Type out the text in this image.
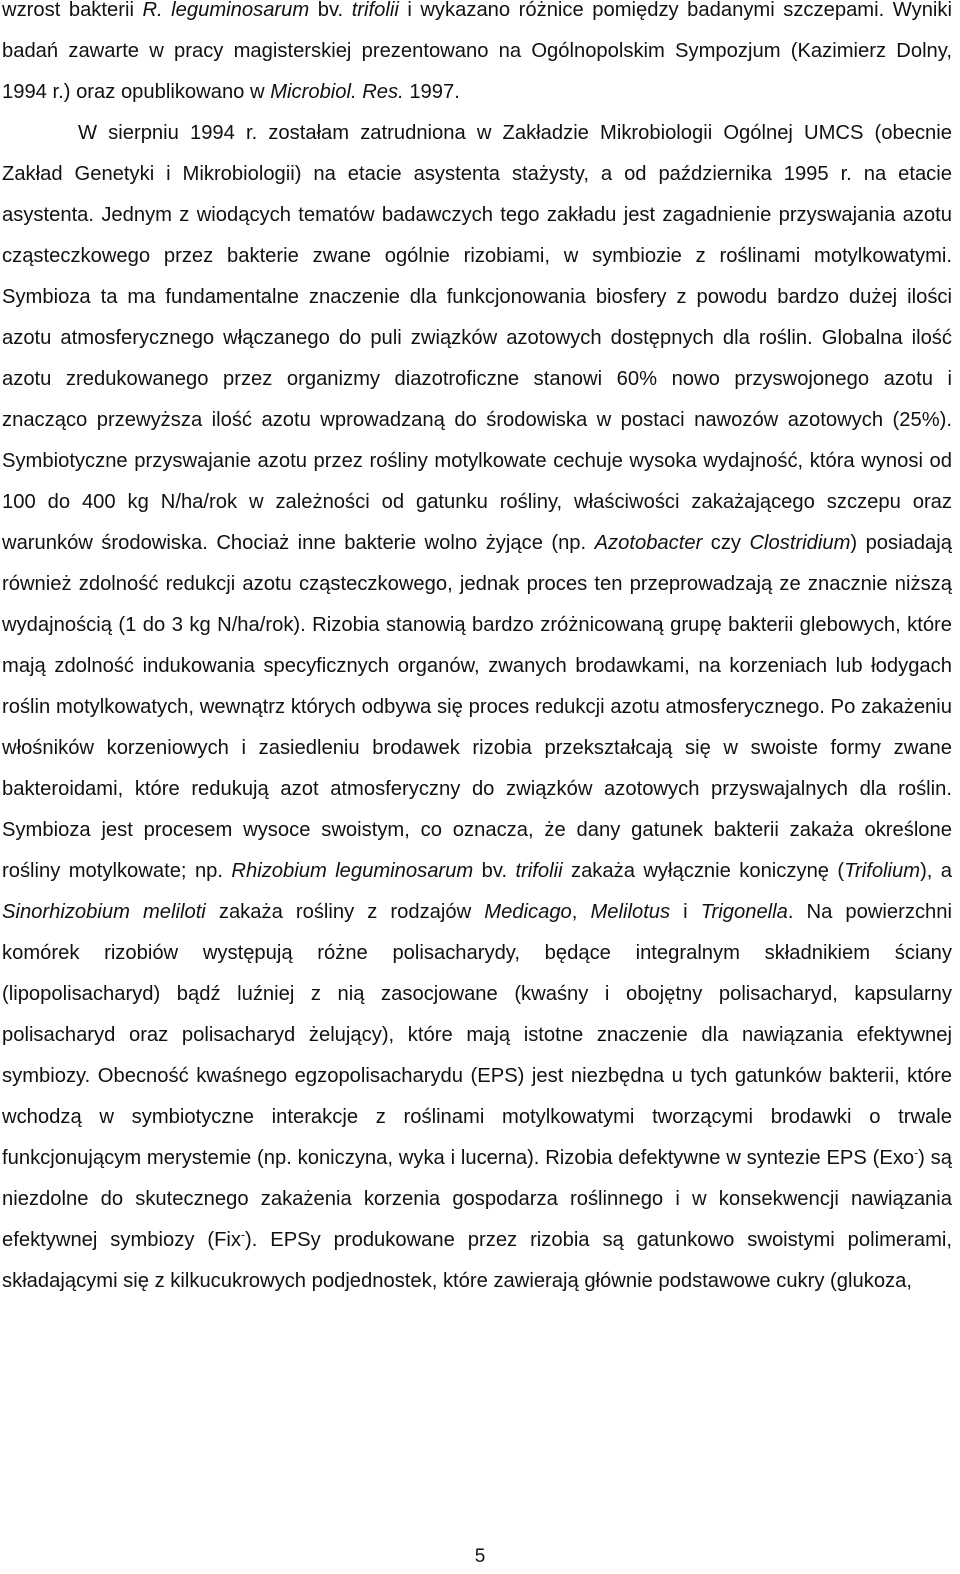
wzrost bakterii R. leguminosarum bv. trifolii i wykazano różnice pomiędzy badanymi szczepami. Wyniki badań zawarte w pracy magisterskiej prezentowano na Ogólnopolskim Sympozjum (Kazimierz Dolny, 1994 r.) oraz opublikowano w Microbiol. Res. 1997.

W sierpniu 1994 r. zostałam zatrudniona w Zakładzie Mikrobiologii Ogólnej UMCS (obecnie Zakład Genetyki i Mikrobiologii) na etacie asystenta stażysty, a od października 1995 r. na etacie asystenta. Jednym z wiodących tematów badawczych tego zakładu jest zagadnienie przyswajania azotu cząsteczkowego przez bakterie zwane ogólnie rizobiami, w symbiozie z roślinami motylkowatymi. Symbioza ta ma fundamentalne znaczenie dla funkcjonowania biosfery z powodu bardzo dużej ilości azotu atmosferycznego włączanego do puli związków azotowych dostępnych dla roślin. Globalna ilość azotu zredukowanego przez organizmy diazotroficzne stanowi 60% nowo przyswojonego azotu i znacząco przewyższa ilość azotu wprowadzaną do środowiska w postaci nawozów azotowych (25%). Symbiotyczne przyswajanie azotu przez rośliny motylkowate cechuje wysoka wydajność, która wynosi od 100 do 400 kg N/ha/rok w zależności od gatunku rośliny, właściwości zakażającego szczepu oraz warunków środowiska. Chociaż inne bakterie wolno żyjące (np. Azotobacter czy Clostridium) posiadają również zdolność redukcji azotu cząsteczkowego, jednak proces ten przeprowadzają ze znacznie niższą wydajnością (1 do 3 kg N/ha/rok). Rizobia stanowią bardzo zróżnicowaną grupę bakterii glebowych, które mają zdolność indukowania specyficznych organów, zwanych brodawkami, na korzeniach lub łodygach roślin motylkowatych, wewnątrz których odbywa się proces redukcji azotu atmosferycznego. Po zakażeniu włośników korzeniowych i zasiedleniu brodawek rizobia przekształcają się w swoiste formy zwane bakteroidami, które redukują azot atmosferyczny do związków azotowych przyswajalnych dla roślin. Symbioza jest procesem wysoce swoistym, co oznacza, że dany gatunek bakterii zakaża określone rośliny motylkowate; np. Rhizobium leguminosarum bv. trifolii zakaża wyłącznie koniczynę (Trifolium), a Sinorhizobium meliloti zakaża rośliny z rodzajów Medicago, Melilotus i Trigonella. Na powierzchni komórek rizobiów występują różne polisacharydy, będące integralnym składnikiem ściany (lipopolisacharyd) bądź luźniej z nią zasocjowane (kwaśny i obojętny polisacharyd, kapsularny polisacharyd oraz polisacharyd żelujący), które mają istotne znaczenie dla nawiązania efektywnej symbiozy. Obecność kwaśnego egzopolisacharydu (EPS) jest niezbędna u tych gatunków bakterii, które wchodzą w symbiotyczne interakcje z roślinami motylkowatymi tworzącymi brodawki o trwale funkcjonującym merystemie (np. koniczyna, wyka i lucerna). Rizobia defektywne w syntezie EPS (Exo-) są niezdolne do skutecznego zakażenia korzenia gospodarza roślinnego i w konsekwencji nawiązania efektywnej symbiozy (Fix-). EPSy produkowane przez rizobia są gatunkowo swoistymi polimerami, składającymi się z kilkucukrowych podjednostek, które zawierają głównie podstawowe cukry (glukoza,

5
